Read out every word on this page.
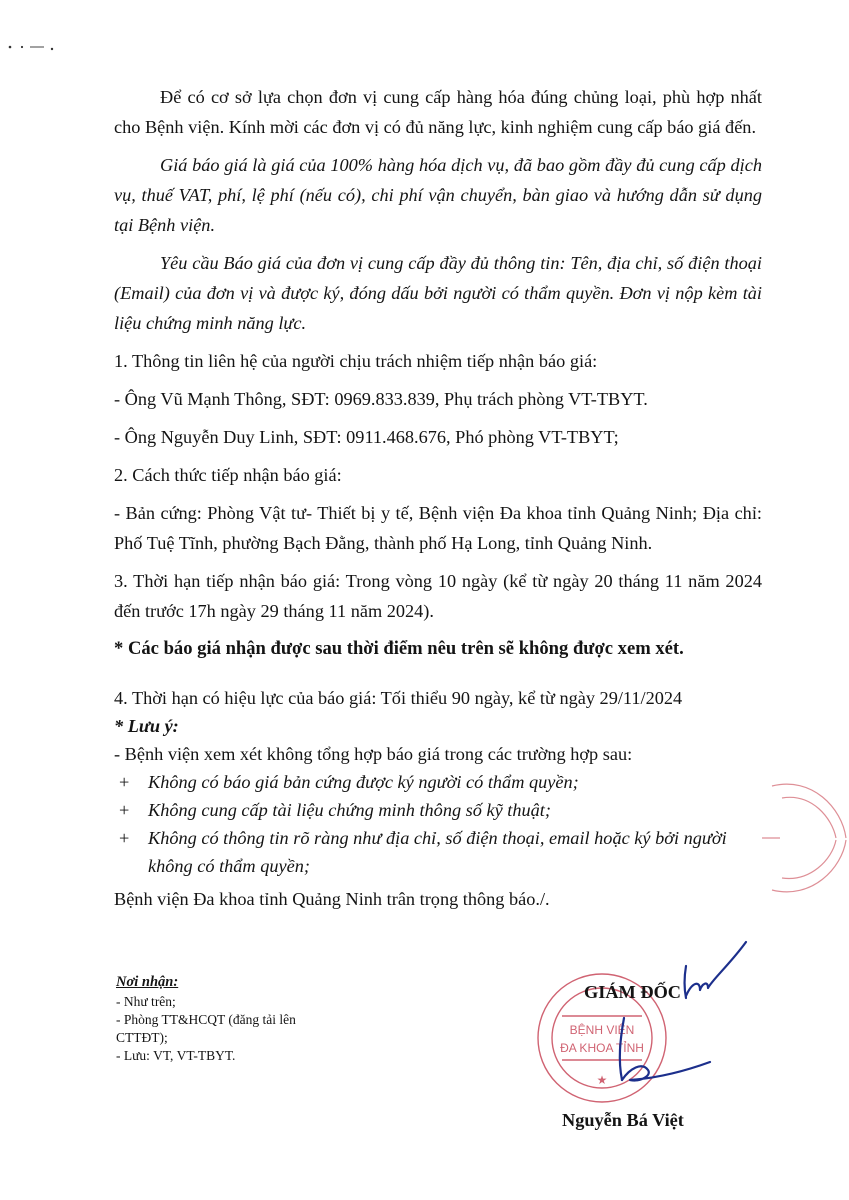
Để có cơ sở lựa chọn đơn vị cung cấp hàng hóa đúng chủng loại, phù hợp nhất cho Bệnh viện. Kính mời các đơn vị có đủ năng lực, kinh nghiệm cung cấp báo giá đến.

Giá báo giá là giá của 100% hàng hóa dịch vụ, đã bao gồm đầy đủ cung cấp dịch vụ, thuế VAT, phí, lệ phí (nếu có), chi phí vận chuyển, bàn giao và hướng dẫn sử dụng tại Bệnh viện.

Yêu cầu Báo giá của đơn vị cung cấp đầy đủ thông tin: Tên, địa chỉ, số điện thoại (Email) của đơn vị và được ký, đóng dấu bởi người có thẩm quyền. Đơn vị nộp kèm tài liệu chứng minh năng lực.

1. Thông tin liên hệ của người chịu trách nhiệm tiếp nhận báo giá:

- Ông Vũ Mạnh Thông, SĐT: 0969.833.839, Phụ trách phòng VT-TBYT.

- Ông Nguyễn Duy Linh, SĐT: 0911.468.676, Phó phòng VT-TBYT;

2. Cách thức tiếp nhận báo giá:

- Bản cứng: Phòng Vật tư- Thiết bị y tế, Bệnh viện Đa khoa tỉnh Quảng Ninh; Địa chỉ: Phố Tuệ Tĩnh, phường Bạch Đằng, thành phố Hạ Long, tỉnh Quảng Ninh.

3. Thời hạn tiếp nhận báo giá: Trong vòng 10 ngày (kể từ ngày 20 tháng 11 năm 2024 đến trước 17h ngày 29 tháng 11 năm 2024).

* Các báo giá nhận được sau thời điểm nêu trên sẽ không được xem xét.

4. Thời hạn có hiệu lực của báo giá: Tối thiểu 90 ngày, kể từ ngày 29/11/2024
* Lưu ý:
- Bệnh viện xem xét không tổng hợp báo giá trong các trường hợp sau:
+ Không có báo giá bản cứng được ký người có thẩm quyền;
+ Không cung cấp tài liệu chứng minh thông số kỹ thuật;
+ Không có thông tin rõ ràng như địa chỉ, số điện thoại, email hoặc ký bởi người không có thẩm quyền;
Bệnh viện Đa khoa tỉnh Quảng Ninh trân trọng thông báo./.
Nơi nhận:
- Như trên;
- Phòng TT&HCQT (đăng tải lên CTTĐT);
- Lưu: VT, VT-TBYT.
BỆNH VIỆN
ĐA KHOA TỈNH
★
GIÁM ĐỐC
Nguyễn Bá Việt
